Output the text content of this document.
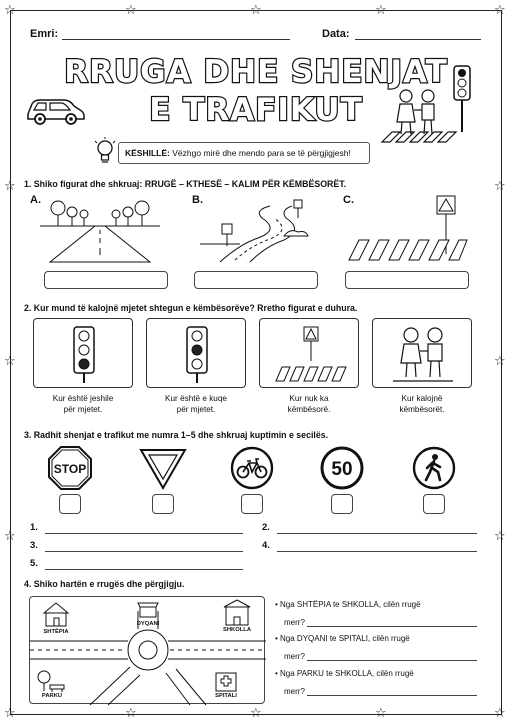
☆	☆
☆	☆
☆
☆
☆	☆
☆	☆
☆	☆
☆	☆
☆	☆
Emri:	Data:
RRUGA DHE SHENJAT
E TRAFIKUT
KËSHILLË: Vëzhgo mirë dhe mendo para se të përgjigjesh!
1. Shiko figurat dhe shkruaj: RRUGË – KTHESË – KALIM PËR KËMBËSORËT.
A.	B.	C.
2. Kur mund të kalojnë mjetet shtegun e këmbësorëve? Rretho figurat e duhura.
Kur është jeshile
për mjetet.
Kur është e kuqe
për mjetet.
Kur nuk ka
këmbësorë.
Kur kalojnë
këmbësorët.
3. Radhit shenjat e trafikut me numra 1–5 dhe shkruaj kuptimin e secilës.
STOP	50
1.	2.
3.	4.
5.
4. Shiko hartën e rrugës dhe përgjigju.
SHTËPIA
DYQANI
SHKOLLA
PARKU	SPITALI
• Nga SHTËPIA te SHKOLLA, cilën rrugë
merr?
• Nga DYQANI te SPITALI, cilën rrugë
merr?
• Nga PARKU te SHKOLLA, cilën rrugë
merr?
